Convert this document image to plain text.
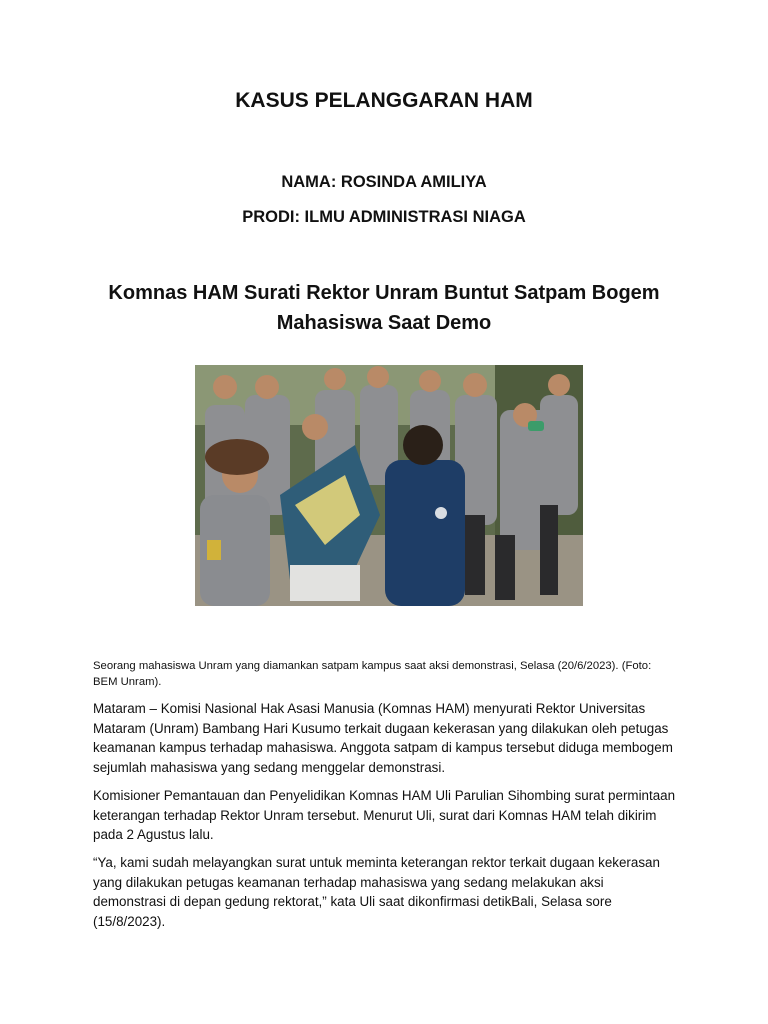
KASUS PELANGGARAN HAM

NAMA: ROSINDA AMILIYA

PRODI: ILMU ADMINISTRASI NIAGA

Komnas HAM Surati Rektor Unram Buntut Satpam Bogem Mahasiswa Saat Demo

Seorang mahasiswa Unram yang diamankan satpam kampus saat aksi demonstrasi, Selasa (20/6/2023). (Foto: BEM Unram).

Mataram – Komisi Nasional Hak Asasi Manusia (Komnas HAM) menyurati Rektor Universitas Mataram (Unram) Bambang Hari Kusumo terkait dugaan kekerasan yang dilakukan oleh petugas keamanan kampus terhadap mahasiswa. Anggota satpam di kampus tersebut diduga membogem sejumlah mahasiswa yang sedang menggelar demonstrasi.

Komisioner Pemantauan dan Penyelidikan Komnas HAM Uli Parulian Sihombing surat permintaan keterangan terhadap Rektor Unram tersebut. Menurut Uli, surat dari Komnas HAM telah dikirim pada 2 Agustus lalu.

“Ya, kami sudah melayangkan surat untuk meminta keterangan rektor terkait dugaan kekerasan yang dilakukan petugas keamanan terhadap mahasiswa yang sedang melakukan aksi demonstrasi di depan gedung rektorat,” kata Uli saat dikonfirmasi detikBali, Selasa sore (15/8/2023).
